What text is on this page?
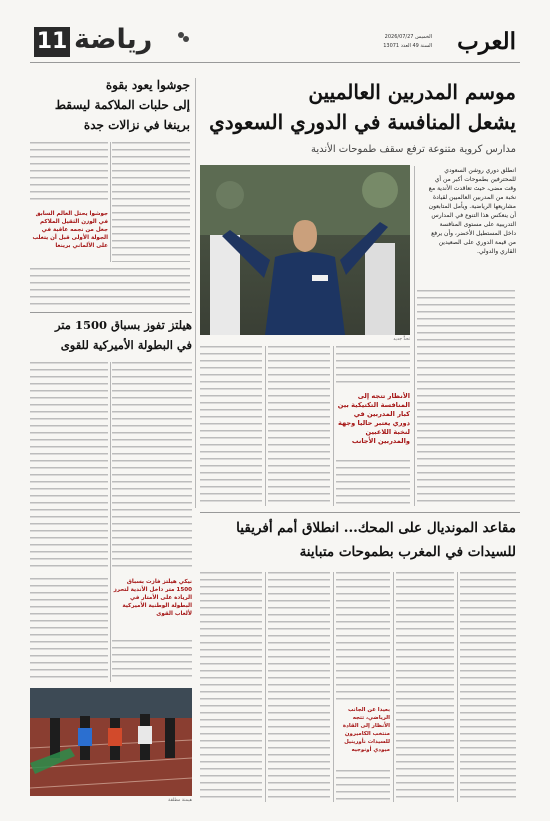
العرب
الخميس 2026/07/27
السنة 49 العدد 13071
11 رياضة
موسم المدربين العالميين
يشعل المنافسة في الدوري السعودي
مدارس كروية متنوعة ترفع سقف طموحات الأندية
انطلق دوري روشن السعودي للمحترفين بطموحات أكبر من أي وقت مضى، حيث تعاقدت الأندية مع نخبة من المدربين العالميين لقيادة مشاريعها الرياضية. ويأمل المتابعون أن ينعكس هذا التنوع في المدارس التدريبية على مستوى المنافسة داخل المستطيل الأخضر، وأن يرفع من قيمة الدوري على الصعيدين القاري والدولي.
تحدٍّ جديد
الأنظار تتجه إلى المنافسة التكتيكية بين كبار المدربين في دوري يعتبر حاليا وجهة لنخبة اللاعبين والمدربين الأجانب
جوشوا يعود بقوة
إلى حلبات الملاكمة ليسقط
برينغا في نزالات جدة
جوشوا يحتل العالم السابق في الوزن الثقيل الملاكم جعل من نجمه عاقبة في الجولة الأولى قبل أن يتغلب على الألماني برينغا
هيلتز تفوز بسباق 1500 متر
في البطولة الأميركية للقوى
نيكي هيلتز فازت بسباق 1500 متر داخل الأندية لتحرز الريادة على الأمتار في البطولة الوطنية الأميركية لألعاب القوى
هيمنة مطلقة
مقاعد المونديال على المحك... انطلاق أمم أفريقيا
للسيدات في المغرب بطموحات متباينة
بعيدا عن الجانب الرياضي، تتجه الأنظار إلى القادة منتخب الكاميرون للسيدات نأورينيل ميودي أونوجيه
